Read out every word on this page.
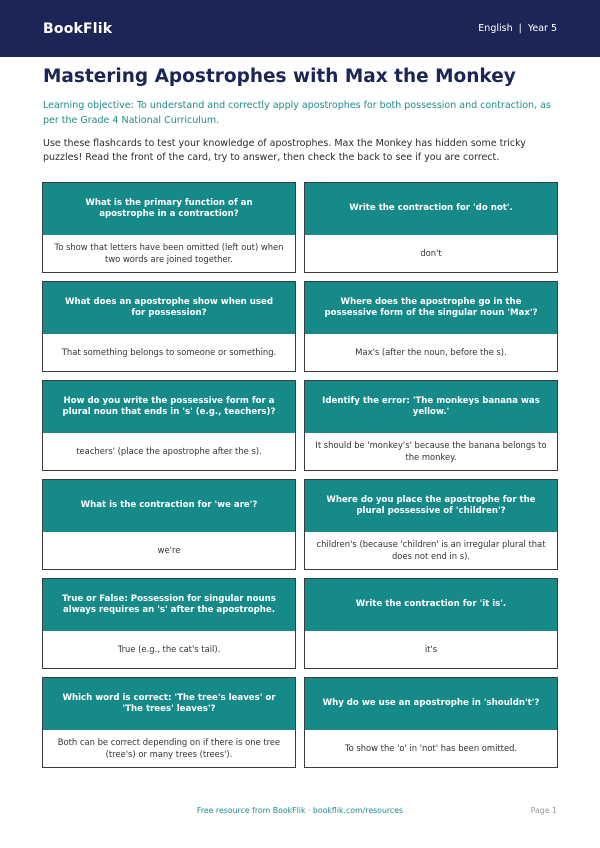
BookFlik	English | Year 5
Mastering Apostrophes with Max the Monkey

Learning objective: To understand and correctly apply apostrophes for both possession and contraction, as per the Grade 4 National Curriculum.

Use these flashcards to test your knowledge of apostrophes. Max the Monkey has hidden some tricky puzzles! Read the front of the card, try to answer, then check the back to see if you are correct.

What is the primary function of an apostrophe in a contraction?
To show that letters have been omitted (left out) when two words are joined together.
Write the contraction for 'do not'.
don't
What does an apostrophe show when used for possession?
That something belongs to someone or something.
Where does the apostrophe go in the possessive form of the singular noun 'Max'?
Max's (after the noun, before the s).
How do you write the possessive form for a plural noun that ends in 's' (e.g., teachers)?
teachers' (place the apostrophe after the s).
Identify the error: 'The monkeys banana was yellow.'
It should be 'monkey's' because the banana belongs to the monkey.
What is the contraction for 'we are'?
we're
Where do you place the apostrophe for the plural possessive of 'children'?
children's (because 'children' is an irregular plural that does not end in s).
True or False: Possession for singular nouns always requires an 's' after the apostrophe.
True (e.g., the cat's tail).
Write the contraction for 'it is'.
it's
Which word is correct: 'The tree's leaves' or 'The trees' leaves'?
Both can be correct depending on if there is one tree (tree's) or many trees (trees').
Why do we use an apostrophe in 'shouldn't'?
To show the 'o' in 'not' has been omitted.
Free resource from BookFlik · bookflik.com/resources	Page 1
